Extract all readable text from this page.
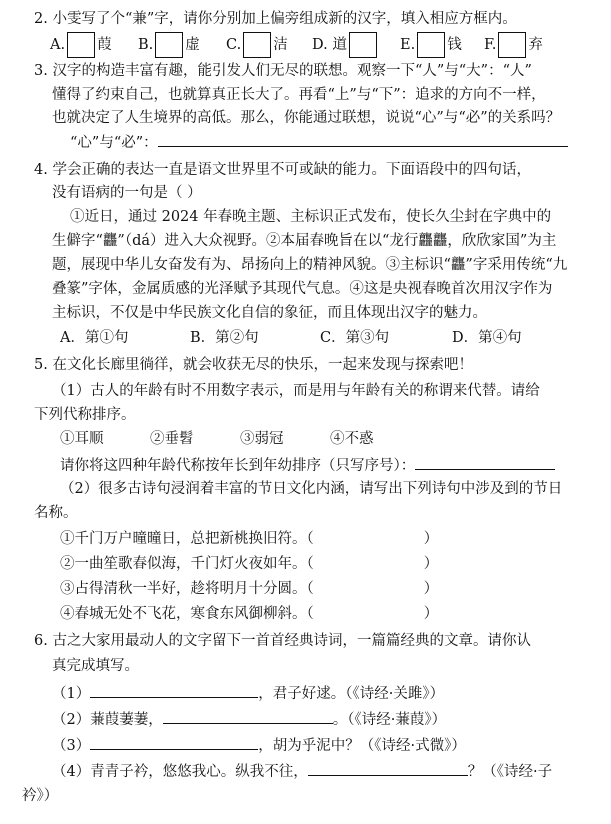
2. 小雯写了个“兼”字，请你分别加上偏旁组成新的汉字，填入相应方框内。
A. 葭 B. 虚 C. 洁 D. 道	E. 钱 F. 弃
3. 汉字的构造丰富有趣，能引发人们无尽的联想。观察一下“人”与“大”：“人”
懂得了约束自己，也就算真正长大了。再看“上”与“下”：追求的方向不一样，
也就决定了人生境界的高低。那么，你能通过联想，说说“心”与“必”的关系吗？
“心”与“必”：
4. 学会正确的表达一直是语文世界里不可或缺的能力。下面语段中的四句话，
没有语病的一句是（ ）
①近日，通过 2024 年春晚主题、主标识正式发布，使长久尘封在字典中的
生僻字“龘”（dá）进入大众视野。②本届春晚旨在以“龙行龘龘，欣欣家国”为主
题，展现中华儿女奋发有为、昂扬向上的精神风貌。③主标识“龘”字采用传统“九
叠篆”字体，金属质感的光泽赋予其现代气息。④这是央视春晚首次用汉字作为
主标识，不仅是中华民族文化自信的象征，而且体现出汉字的魅力。
A．第①句	B．第②句	C．第③句	D．第④句
5. 在文化长廊里徜徉，就会收获无尽的快乐，一起来发现与探索吧！
（1）古人的年龄有时不用数字表示，而是用与年龄有关的称谓来代替。请给
下列代称排序。
①耳顺	②垂髫	③弱冠	④不惑
请你将这四种年龄代称按年长到年幼排序（只写序号）：
（2）很多古诗句浸润着丰富的节日文化内涵，请写出下列诗句中涉及到的节日
名称。
①千门万户曈曈日，总把新桃换旧符。（	）
②一曲笙歌春似海，千门灯火夜如年。（	）
③占得清秋一半好，趁将明月十分圆。（	）
④春城无处不飞花，寒食东风御柳斜。（	）
6. 古之大家用最动人的文字留下一首首经典诗词，一篇篇经典的文章。请你认
真完成填写。
（1）	，君子好逑。（《诗经·关雎》）
（2）蒹葭萋萋，	。（《诗经·蒹葭》）
（3）	，胡为乎泥中？（《诗经·式微》）
（4）青青子衿，悠悠我心。纵我不往，	？（《诗经·子
衿》）
